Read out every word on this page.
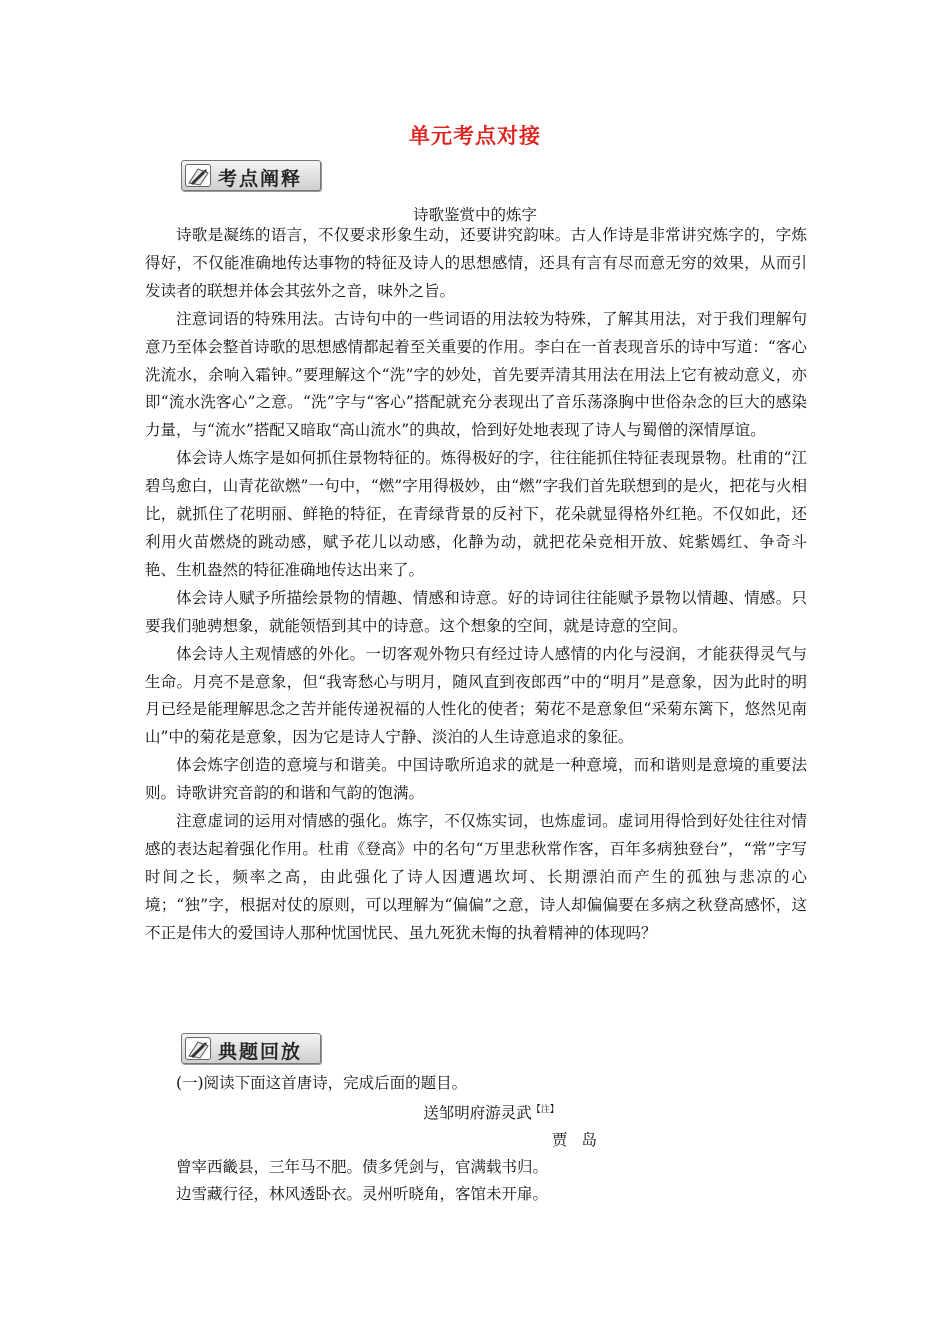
单元考点对接
考点阐释
诗歌鉴赏中的炼字

诗歌是凝练的语言，不仅要求形象生动，还要讲究韵味。古人作诗是非常讲究炼字的，字炼得好，不仅能准确地传达事物的特征及诗人的思想感情，还具有言有尽而意无穷的效果，从而引发读者的联想并体会其弦外之音，味外之旨。

注意词语的特殊用法。古诗句中的一些词语的用法较为特殊，了解其用法，对于我们理解句意乃至体会整首诗歌的思想感情都起着至关重要的作用。李白在一首表现音乐的诗中写道：“客心洗流水，余响入霜钟。”要理解这个“洗”字的妙处，首先要弄清其用法在用法上它有被动意义，亦即“流水洗客心”之意。“洗”字与“客心”搭配就充分表现出了音乐荡涤胸中世俗杂念的巨大的感染力量，与“流水”搭配又暗取“高山流水”的典故，恰到好处地表现了诗人与蜀僧的深情厚谊。

体会诗人炼字是如何抓住景物特征的。炼得极好的字，往往能抓住特征表现景物。杜甫的“江碧鸟愈白，山青花欲燃”一句中，“燃”字用得极妙，由“燃”字我们首先联想到的是火，把花与火相比，就抓住了花明丽、鲜艳的特征，在青绿背景的反衬下，花朵就显得格外红艳。不仅如此，还利用火苗燃烧的跳动感，赋予花儿以动感，化静为动，就把花朵竞相开放、姹紫嫣红、争奇斗艳、生机盎然的特征准确地传达出来了。

体会诗人赋予所描绘景物的情趣、情感和诗意。好的诗词往往能赋予景物以情趣、情感。只要我们驰骋想象，就能领悟到其中的诗意。这个想象的空间，就是诗意的空间。

体会诗人主观情感的外化。一切客观外物只有经过诗人感情的内化与浸润，才能获得灵气与生命。月亮不是意象，但“我寄愁心与明月，随风直到夜郎西”中的“明月”是意象，因为此时的明月已经是能理解思念之苦并能传递祝福的人性化的使者；菊花不是意象但“采菊东篱下，悠然见南山”中的菊花是意象，因为它是诗人宁静、淡泊的人生诗意追求的象征。

体会炼字创造的意境与和谐美。中国诗歌所追求的就是一种意境，而和谐则是意境的重要法则。诗歌讲究音韵的和谐和气韵的饱满。

注意虚词的运用对情感的强化。炼字，不仅炼实词，也炼虚词。虚词用得恰到好处往往对情感的表达起着强化作用。杜甫《登高》中的名句“万里悲秋常作客，百年多病独登台”，“常”字写时间之长，频率之高，由此强化了诗人因遭遇坎坷、长期漂泊而产生的孤独与悲凉的心境；“独”字，根据对仗的原则，可以理解为“偏偏”之意，诗人却偏偏要在多病之秋登高感怀，这不正是伟大的爱国诗人那种忧国忧民、虽九死犹未悔的执着精神的体现吗？

典题回放

(一)阅读下面这首唐诗，完成后面的题目。

送邹明府游灵武$^{【注】}$

贾岛

曾宰西畿县，三年马不肥。债多凭剑与，官满载书归。

边雪藏行径，林风透卧衣。灵州听晓角，客馆未开扉。
